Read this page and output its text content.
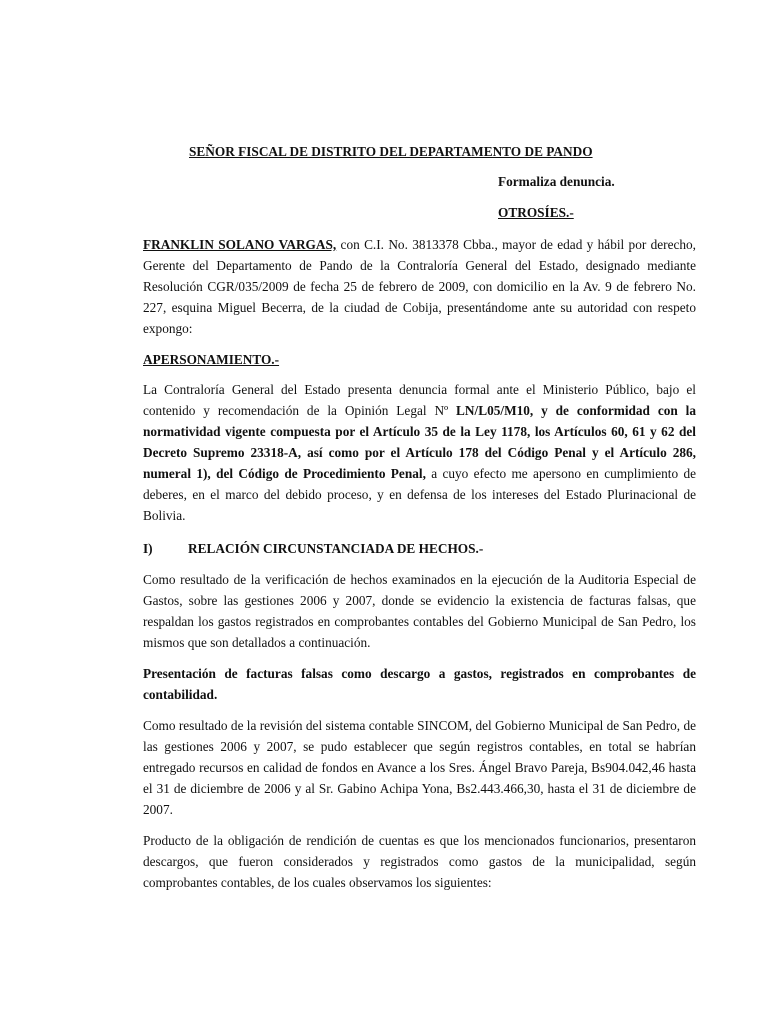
SEÑOR FISCAL DE DISTRITO DEL DEPARTAMENTO DE PANDO
Formaliza denuncia.
OTROSÍES.-

FRANKLIN SOLANO VARGAS, con C.I. No. 3813378 Cbba., mayor de edad y hábil por derecho, Gerente del Departamento de Pando de la Contraloría General del Estado, designado mediante Resolución CGR/035/2009 de fecha 25 de febrero de 2009, con domicilio en la Av. 9 de febrero No. 227, esquina Miguel Becerra, de la ciudad de Cobija, presentándome ante su autoridad con respeto expongo:

APERSONAMIENTO.-

La Contraloría General del Estado presenta denuncia formal ante el Ministerio Público, bajo el contenido y recomendación de la Opinión Legal Nº LN/L05/M10, y de conformidad con la normatividad vigente compuesta por el Artículo 35 de la Ley 1178, los Artículos 60, 61 y 62 del Decreto Supremo 23318-A, así como por el Artículo 178 del Código Penal y el Artículo 286, numeral 1), del Código de Procedimiento Penal, a cuyo efecto me apersono en cumplimiento de deberes, en el marco del debido proceso, y en defensa de los intereses del Estado Plurinacional de Bolivia.

I)	RELACIÓN CIRCUNSTANCIADA DE HECHOS.-

Como resultado de la verificación de hechos examinados en la ejecución de la Auditoria Especial de Gastos, sobre las gestiones 2006 y 2007, donde se evidencio la existencia de facturas falsas, que respaldan los gastos registrados en comprobantes contables del Gobierno Municipal de San Pedro, los mismos que son detallados a continuación.

Presentación de facturas falsas como descargo a gastos, registrados en comprobantes de contabilidad.

Como resultado de la revisión del sistema contable SINCOM, del Gobierno Municipal de San Pedro, de las gestiones 2006 y 2007, se pudo establecer que según registros contables, en total se habrían entregado recursos en calidad de fondos en Avance a los Sres. Ángel Bravo Pareja, Bs904.042,46 hasta el 31 de diciembre de 2006 y al Sr. Gabino Achipa Yona, Bs2.443.466,30, hasta el 31 de diciembre de 2007.

Producto de la obligación de rendición de cuentas es que los mencionados funcionarios, presentaron descargos, que fueron considerados y registrados como gastos de la municipalidad, según comprobantes contables, de los cuales observamos los siguientes:
